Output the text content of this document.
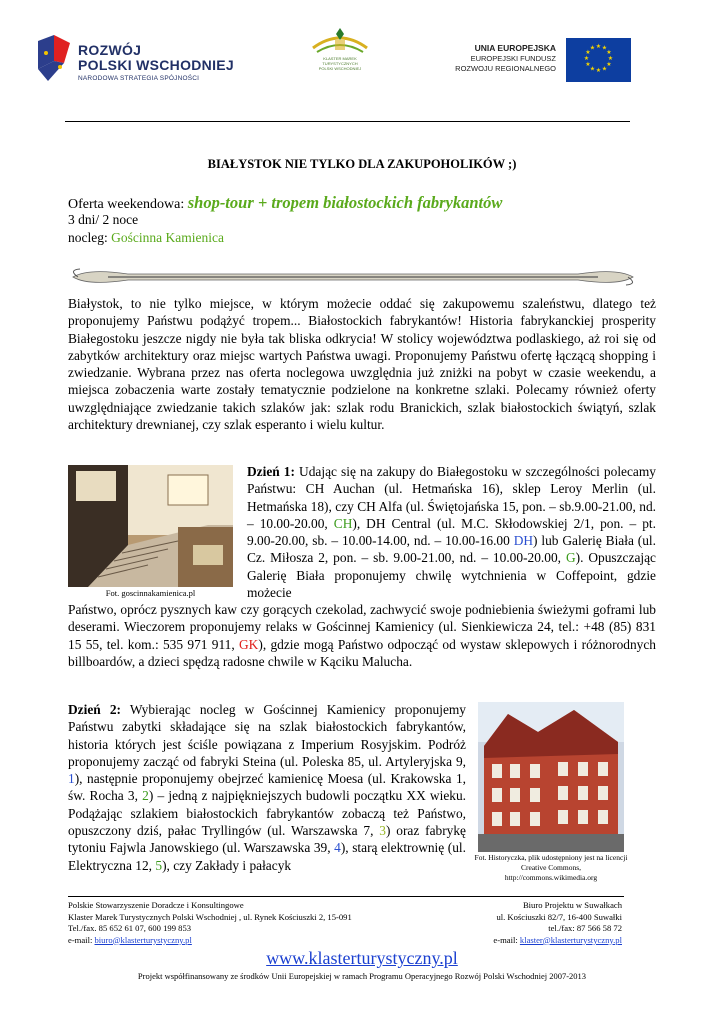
ROZWÓJ
POLSKI WSCHODNIEJ
NARODOWA STRATEGIA SPÓJNOŚCI
KLASTER MAREK TURYSTYCZNYCH POLSKI WSCHODNIEJ
UNIA EUROPEJSKA
EUROPEJSKI FUNDUSZ
ROZWOJU REGIONALNEGO
★ ★
★
★
★
★
★
★
★
★
★
★
BIAŁYSTOK NIE TYLKO DLA ZAKUPOHOLIKÓW ;)
Oferta weekendowa: shop-tour + tropem białostockich fabrykantów
3 dni/ 2 noce
nocleg: Gościnna Kamienica
Białystok, to nie tylko miejsce, w którym możecie oddać się zakupowemu szaleństwu, dlatego też proponujemy Państwu podążyć tropem... Białostockich fabrykantów! Historia fabrykanckiej prosperity Białegostoku jeszcze nigdy nie była tak bliska odkrycia! W stolicy województwa podlaskiego, aż roi się od zabytków architektury oraz miejsc wartych Państwa uwagi. Proponujemy Państwu ofertę łączącą shopping i zwiedzanie. Wybrana przez nas oferta noclegowa uwzględnia już zniżki na pobyt w czasie weekendu, a miejsca zobaczenia warte zostały tematycznie podzielone na konkretne szlaki. Polecamy również oferty uwzględniające zwiedzanie takich szlaków jak: szlak rodu Branickich, szlak białostockich świątyń, szlak architektury drewnianej, czy szlak esperanto i wielu kultur.
Fot. goscinnakamienica.pl
Dzień 1: Udając się na zakupy do Białegostoku w szczególności polecamy Państwu: CH Auchan (ul. Hetmańska 16), sklep Leroy Merlin (ul. Hetmańska 18), czy CH Alfa (ul. Świętojańska 15, pon. – sb.9.00-21.00, nd. – 10.00-20.00, CH), DH Central (ul. M.C. Skłodowskiej 2/1, pon. – pt. 9.00-20.00, sb. – 10.00-14.00, nd. – 10.00-16.00 DH) lub Galerię Biała (ul. Cz. Miłosza 2, pon. – sb. 9.00-21.00, nd. – 10.00-20.00, G). Opuszczając Galerię Biała proponujemy chwilę wytchnienia w Coffepoint, gdzie możecie
Państwo, oprócz pysznych kaw czy gorących czekolad, zachwycić swoje podniebienia świeżymi goframi lub deserami. Wieczorem proponujemy relaks w Gościnnej Kamienicy (ul. Sienkiewicza 24, tel.: +48 (85) 831 15 55, tel. kom.: 535 971 911, GK), gdzie mogą Państwo odpocząć od wystaw sklepowych i różnorodnych billboardów, a dzieci spędzą radosne chwile w Kąciku Malucha.
Dzień 2: Wybierając nocleg w Gościnnej Kamienicy proponujemy Państwu zabytki składające się na szlak białostockich fabrykantów, historia których jest ściśle powiązana z Imperium Rosyjskim. Podróż proponujemy zacząć od fabryki Steina (ul. Poleska 85, ul. Artyleryjska 9, 1), następnie proponujemy obejrzeć kamienicę Moesa (ul. Krakowska 1, św. Rocha 3, 2) – jedną z najpiękniejszych budowli początku XX wieku. Podążając szlakiem białostockich fabrykantów zobaczą też Państwo, opuszczony dziś, pałac Tryllingów (ul. Warszawska 7, 3) oraz fabrykę tytoniu Fajwla Janowskiego (ul. Warszawska 39, 4), starą elektrownię (ul. Elektryczna 12, 5), czy Zakłady i pałacyk
Fot. Historyczka, plik udostępniony jest na licencji
Creative Commons,
http://commons.wikimedia.org
Polskie Stowarzyszenie Doradcze i Konsultingowe
Klaster Marek Turystycznych Polski Wschodniej , ul. Rynek Kościuszki 2, 15-091
Tel./fax. 85 652 61 07, 600 199 853
e-mail: biuro@klasterturystyczny.pl
Biuro Projektu w Suwałkach
ul. Kościuszki 82/7, 16-400 Suwałki
tel./fax: 87 566 58 72
e-mail: klaster@klasterturystyczny.pl
www.klasterturystyczny.pl
Projekt współfinansowany ze środków Unii Europejskiej w ramach Programu Operacyjnego Rozwój Polski Wschodniej 2007-2013
